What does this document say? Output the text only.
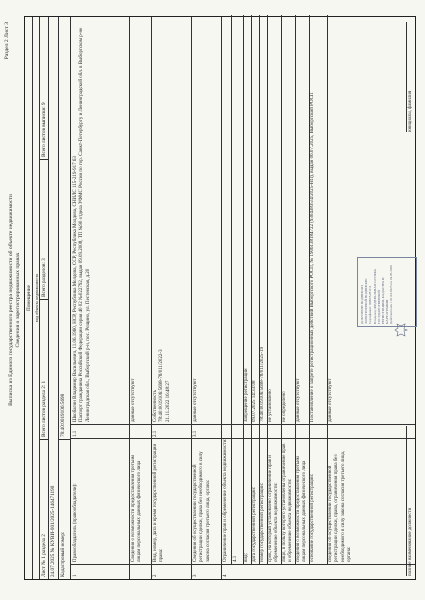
Раздел 2 Лист 3
Выписка из Единого государственного реестра недвижимости об объекте недвижимости Сведения о зарегистрированных правах Помещение вид объекта недвижимости
Лист № 1 раздела 2
Всего листов раздела 2: 1
Всего разделов: 3
Всего листов выписки: 9
24.07.2025 № КУВИ-001/2025-146471190 Кадастровый номер:
78:40:0019106:5698
1
Правообладатель (правообладатели):
1.1
Шкобагин Владимир Васильевич, 11.06.1960, НСР, Республика Молдова, ССР, Республика Молдова, СНИЛС 115-219-917 63
Паспорт гражданина Российской Федерации серия 40 02 №022792, выдан 09.09.2008, ТП №90 отдела УФМС России по гор. Санкт-Петербургу и Ленинградской обл. в Выборгском р-не
Ленинградская обл., Выборгский р-н, пос. Рощино, ул. Пестевская, д.20
Сведения о возможности предоставления третьим лицам персональных данных физического лица
данные отсутствуют
2
Вид, номер, дата и время государственной регистрации права:
2.1
Собственность
78:40:0019106:5698-78/011/2022-3
21.11.2022 16:48:27
3
Сведения об осуществлении государственной регистрации сделки, права без необходимого в силу закона согласия третьего лица, органа:
3.1
данные отсутствуют
4
Ограничение прав и обременение объекта недвижимости: 4.1 вид:
Запрещение регистрации
дата государственной регистрации:
09.07.2025 14:33:08
номер государственной регистрации:
78:40:0019106:5698-78/011/2025-19
срок, на который установлено ограничение прав и обременение объекта недвижимости:
не установлено
лицо, в пользу которого установлены ограничение прав и обременение объекта недвижимости:
не определено
сведения о возможности предоставления третьим лицам персональных данных физического лица
данные отсутствуют
основание государственной регистрации:
Постановление о запрете регистрационных действий Выборгского РОСП, № 1906138184722 (93043835/4/2025-НП), выдан 06.07.2025, Выборгский РОСП
сведения об осуществлении государственной регистрации сделки, права, ограничения права без необходимого в силу закона согласия третьего лица, органа:
данные отсутствуют
ДОКУМЕНТ ПОДПИСАН ЭЛЕКТРОННОЙ ПОДПИСЬЮ Сертификат: 00B7A2F1C3 Владелец: ФЕДЕРАЛЬНАЯ СЛУЖБА ГОСУДАРСТВЕННОЙ РЕГИСТРАЦИИ, КАДАСТРА И КАРТОГРАФИИ Действителен с 01.03.2025 по 24.05.2026
полное наименование должности
инициалы, фамилия
